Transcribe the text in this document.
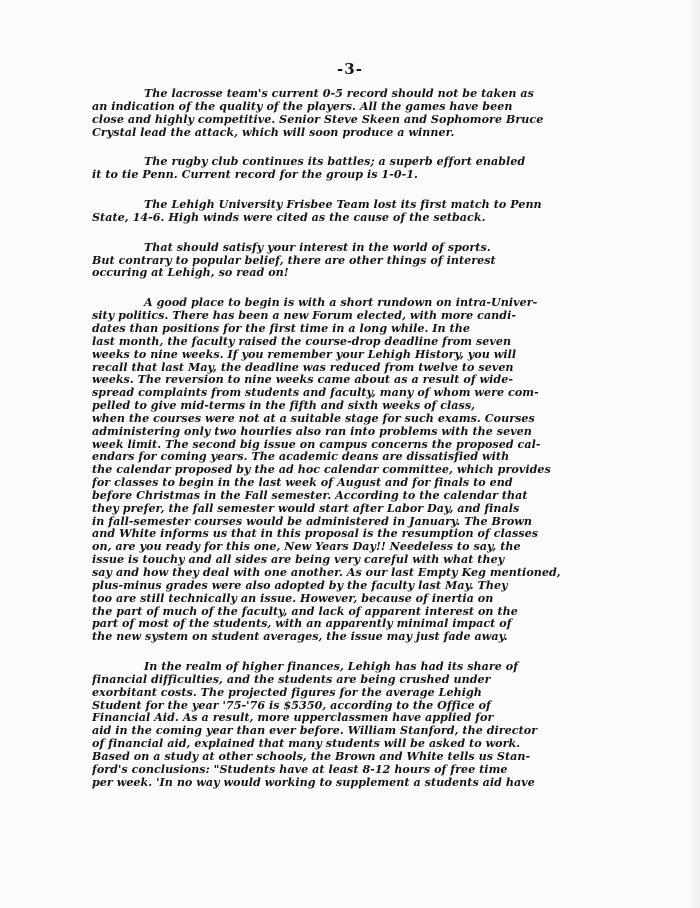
-3-
The lacrosse team's current 0-5 record should not be taken as
an indication of the quality of the players. All the games have been
close and highly competitive. Senior Steve Skeen and Sophomore Bruce
Crystal lead the attack, which will soon produce a winner.
The rugby club continues its battles; a superb effort enabled
it to tie Penn. Current record for the group is 1-0-1.
The Lehigh University Frisbee Team lost its first match to Penn
State, 14-6. High winds were cited as the cause of the setback.
That should satisfy your interest in the world of sports.
But contrary to popular belief, there are other things of interest
occuring at Lehigh, so read on!
A good place to begin is with a short rundown on intra-Univer-
sity politics. There has been a new Forum elected, with more candi-
dates than positions for the first time in a long while. In the
last month, the faculty raised the course-drop deadline from seven
weeks to nine weeks. If you remember your Lehigh History, you will
recall that last May, the deadline was reduced from twelve to seven
weeks. The reversion to nine weeks came about as a result of wide-
spread complaints from students and faculty, many of whom were com-
pelled to give mid-terms in the fifth and sixth weeks of class,
when the courses were not at a suitable stage for such exams. Courses
administering only two hourlies also ran into problems with the seven
week limit. The second big issue on campus concerns the proposed cal-
endars for coming years. The academic deans are dissatisfied with
the calendar proposed by the ad hoc calendar committee, which provides
for classes to begin in the last week of August and for finals to end
before Christmas in the Fall semester. According to the calendar that
they prefer, the fall semester would start after Labor Day, and finals
in fall-semester courses would be administered in January. The Brown
and White informs us that in this proposal is the resumption of classes
on, are you ready for this one, New Years Day!! Needeless to say, the
issue is touchy and all sides are being very careful with what they
say and how they deal with one another. As our last Empty Keg mentioned,
plus-minus grades were also adopted by the faculty last May. They
too are still technically an issue. However, because of inertia on
the part of much of the faculty, and lack of apparent interest on the
part of most of the students, with an apparently minimal impact of
the new system on student averages, the issue may just fade away.
In the realm of higher finances, Lehigh has had its share of
financial difficulties, and the students are being crushed under
exorbitant costs. The projected figures for the average Lehigh
Student for the year '75-'76 is $5350, according to the Office of
Financial Aid. As a result, more upperclassmen have applied for
aid in the coming year than ever before. William Stanford, the director
of financial aid, explained that many students will be asked to work.
Based on a study at other schools, the Brown and White tells us Stan-
ford's conclusions: "Students have at least 8-12 hours of free time
per week. 'In no way would working to supplement a students aid have
